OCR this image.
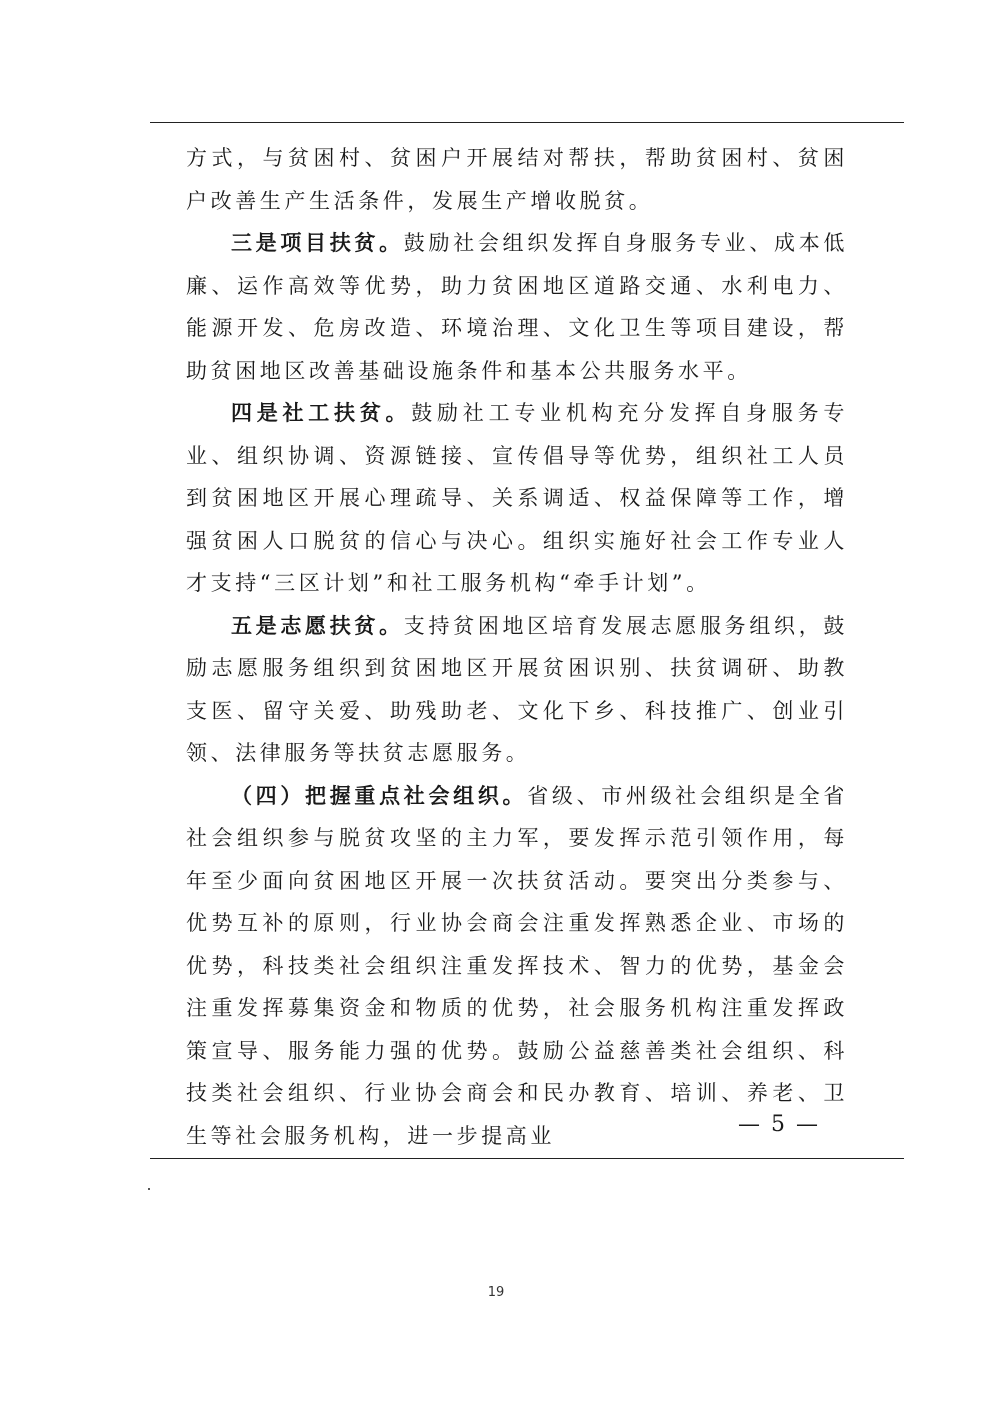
方式，与贫困村、贫困户开展结对帮扶，帮助贫困村、贫困户改善生产生活条件，发展生产增收脱贫。

三是项目扶贫。鼓励社会组织发挥自身服务专业、成本低廉、运作高效等优势，助力贫困地区道路交通、水利电力、能源开发、危房改造、环境治理、文化卫生等项目建设，帮助贫困地区改善基础设施条件和基本公共服务水平。

四是社工扶贫。鼓励社工专业机构充分发挥自身服务专业、组织协调、资源链接、宣传倡导等优势，组织社工人员到贫困地区开展心理疏导、关系调适、权益保障等工作，增强贫困人口脱贫的信心与决心。组织实施好社会工作专业人才支持“三区计划”和社工服务机构“牵手计划”。

五是志愿扶贫。支持贫困地区培育发展志愿服务组织，鼓励志愿服务组织到贫困地区开展贫困识别、扶贫调研、助教支医、留守关爱、助残助老、文化下乡、科技推广、创业引领、法律服务等扶贫志愿服务。

（四）把握重点社会组织。省级、市州级社会组织是全省社会组织参与脱贫攻坚的主力军，要发挥示范引领作用，每年至少面向贫困地区开展一次扶贫活动。要突出分类参与、优势互补的原则，行业协会商会注重发挥熟悉企业、市场的优势，科技类社会组织注重发挥技术、智力的优势，基金会注重发挥募集资金和物质的优势，社会服务机构注重发挥政策宣导、服务能力强的优势。鼓励公益慈善类社会组织、科技类社会组织、行业协会商会和民办教育、培训、养老、卫生等社会服务机构，进一步提高业	— 5 —
19
